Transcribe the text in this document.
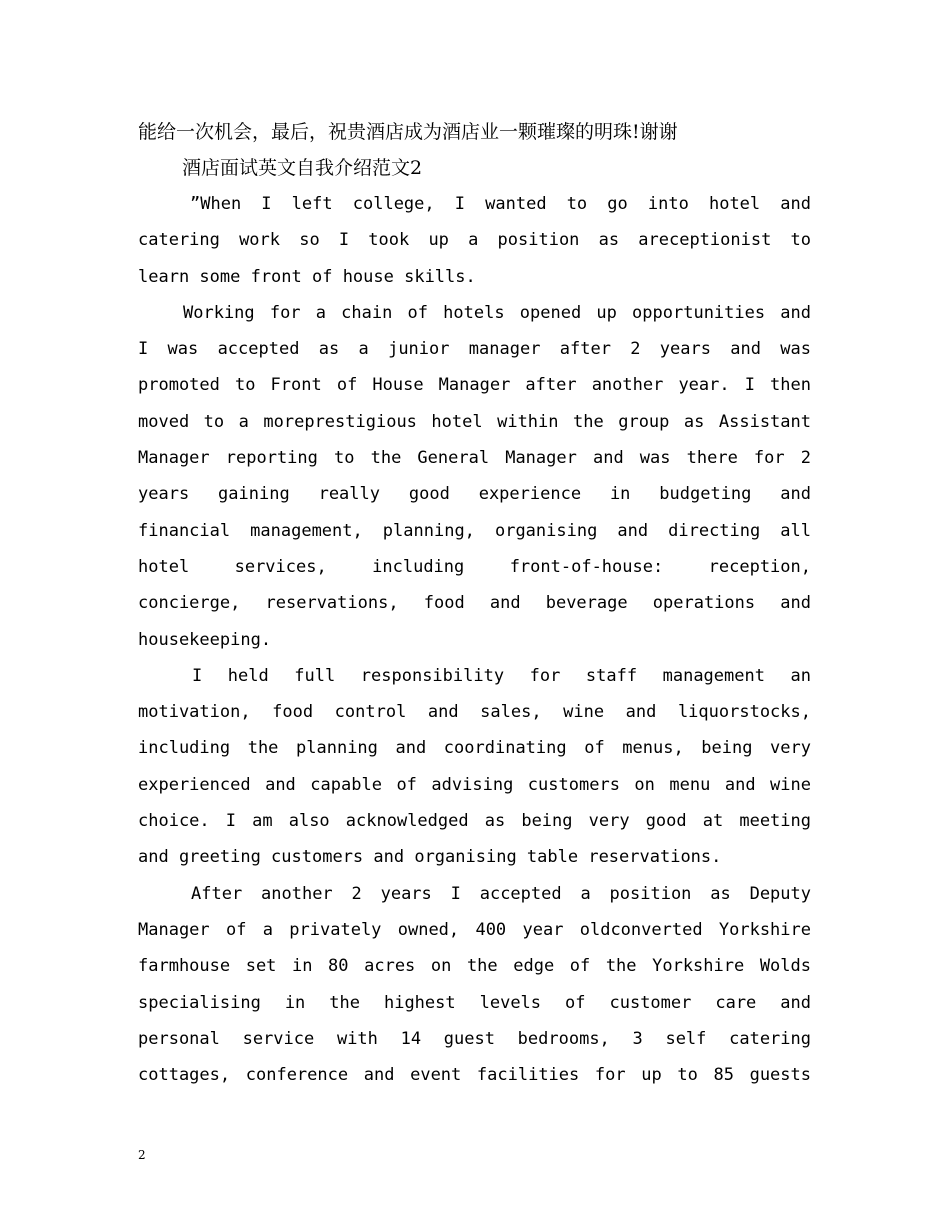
能给一次机会，最后，祝贵酒店成为酒店业一颗璀璨的明珠!谢谢
酒店面试英文自我介绍范文2
”When I left college, I wanted to go into hotel and
catering work so I took up a position as areceptionist to
learn some front of house skills.
Working for a chain of hotels opened up opportunities and
I was accepted as a junior manager after 2 years and was
promoted to Front of House Manager after another year. I then
moved to a moreprestigious hotel within the group as Assistant
Manager reporting to the General Manager and was there for 2
years gaining really good experience in budgeting and
financial management, planning, organising and directing all
hotel services, including front-of-house: reception,
concierge, reservations, food and beverage operations and
housekeeping.
I held full responsibility for staff management an
motivation, food control and sales, wine and liquorstocks,
including the planning and coordinating of menus, being very
experienced and capable of advising customers on menu and wine
choice. I am also acknowledged as being very good at meeting
and greeting customers and organising table reservations.
After another 2 years I accepted a position as Deputy
Manager of a privately owned, 400 year oldconverted Yorkshire
farmhouse set in 80 acres on the edge of the Yorkshire Wolds
specialising in the highest levels of customer care and
personal service with 14 guest bedrooms, 3 self catering
cottages, conference and event facilities for up to 85 guests
2
